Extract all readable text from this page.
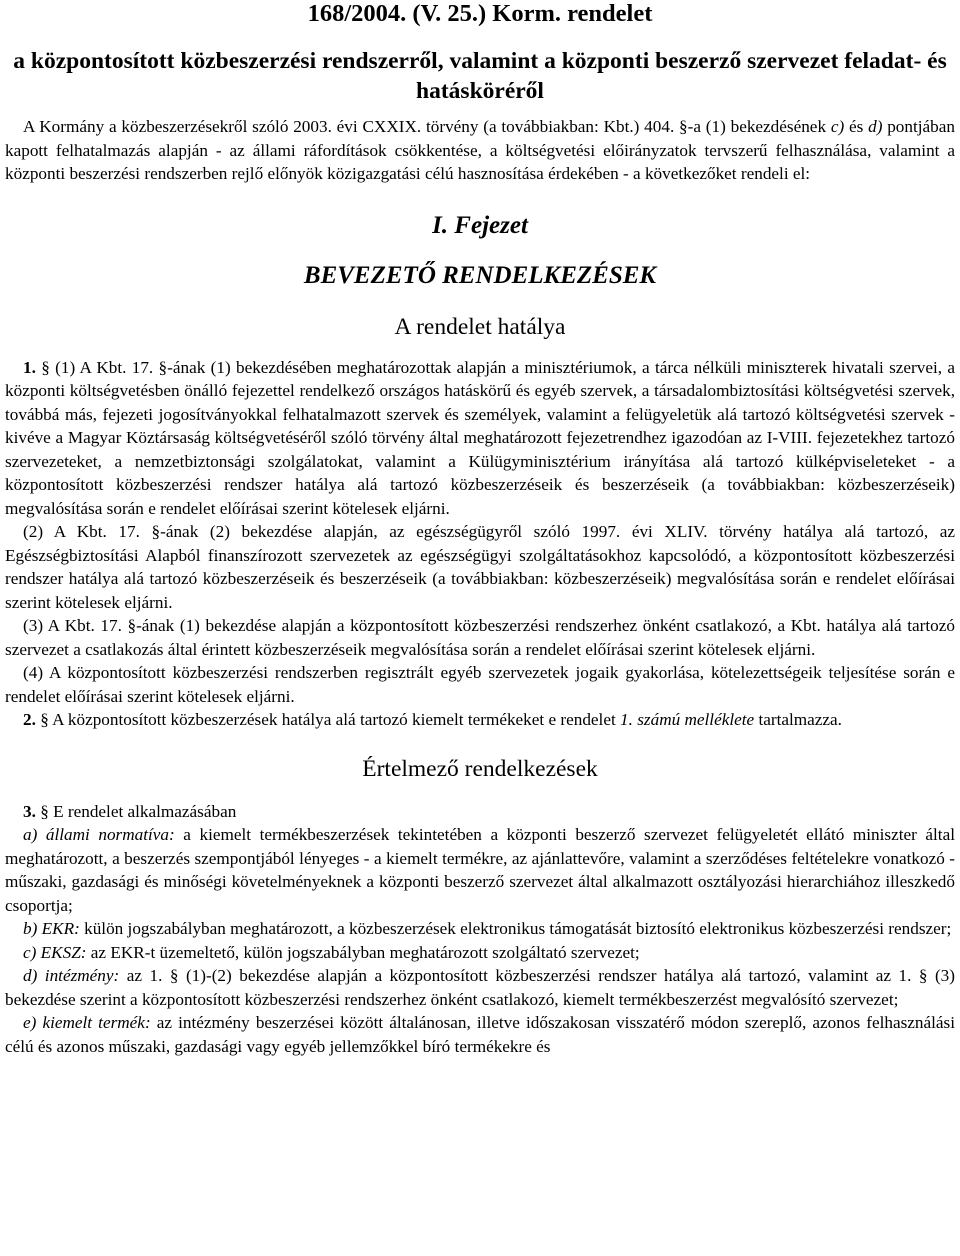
168/2004. (V. 25.) Korm. rendelet
a központosított közbeszerzési rendszerről, valamint a központi beszerző szervezet feladat- és hatásköréről

A Kormány a közbeszerzésekről szóló 2003. évi CXXIX. törvény (a továbbiakban: Kbt.) 404. §-a (1) bekezdésének c) és d) pontjában kapott felhatalmazás alapján - az állami ráfordítások csökkentése, a költségvetési előirányzatok tervszerű felhasználása, valamint a központi beszerzési rendszerben rejlő előnyök közigazgatási célú hasznosítása érdekében - a következőket rendeli el:

I. Fejezet
BEVEZETŐ RENDELKEZÉSEK
A rendelet hatálya

1. § (1) A Kbt. 17. §-ának (1) bekezdésében meghatározottak alapján a minisztériumok, a tárca nélküli miniszterek hivatali szervei, a központi költségvetésben önálló fejezettel rendelkező országos hatáskörű és egyéb szervek, a társadalombiztosítási költségvetési szervek, továbbá más, fejezeti jogosítványokkal felhatalmazott szervek és személyek, valamint a felügyeletük alá tartozó költségvetési szervek - kivéve a Magyar Köztársaság költségvetéséről szóló törvény által meghatározott fejezetrendhez igazodóan az I-VIII. fejezetekhez tartozó szervezeteket, a nemzetbiztonsági szolgálatokat, valamint a Külügyminisztérium irányítása alá tartozó külképviseleteket - a központosított közbeszerzési rendszer hatálya alá tartozó közbeszerzéseik és beszerzéseik (a továbbiakban: közbeszerzéseik) megvalósítása során e rendelet előírásai szerint kötelesek eljárni.

(2) A Kbt. 17. §-ának (2) bekezdése alapján, az egészségügyről szóló 1997. évi XLIV. törvény hatálya alá tartozó, az Egészségbiztosítási Alapból finanszírozott szervezetek az egészségügyi szolgáltatásokhoz kapcsolódó, a központosított közbeszerzési rendszer hatálya alá tartozó közbeszerzéseik és beszerzéseik (a továbbiakban: közbeszerzéseik) megvalósítása során e rendelet előírásai szerint kötelesek eljárni.

(3) A Kbt. 17. §-ának (1) bekezdése alapján a központosított közbeszerzési rendszerhez önként csatlakozó, a Kbt. hatálya alá tartozó szervezet a csatlakozás által érintett közbeszerzéseik megvalósítása során a rendelet előírásai szerint kötelesek eljárni.

(4) A központosított közbeszerzési rendszerben regisztrált egyéb szervezetek jogaik gyakorlása, kötelezettségeik teljesítése során e rendelet előírásai szerint kötelesek eljárni.

2. § A központosított közbeszerzések hatálya alá tartozó kiemelt termékeket e rendelet 1. számú melléklete tartalmazza.

Értelmező rendelkezések

3. § E rendelet alkalmazásában

a) állami normatíva: a kiemelt termékbeszerzések tekintetében a központi beszerző szervezet felügyeletét ellátó miniszter által meghatározott, a beszerzés szempontjából lényeges - a kiemelt termékre, az ajánlattevőre, valamint a szerződéses feltételekre vonatkozó - műszaki, gazdasági és minőségi követelményeknek a központi beszerző szervezet által alkalmazott osztályozási hierarchiához illeszkedő csoportja;

b) EKR: külön jogszabályban meghatározott, a közbeszerzések elektronikus támogatását biztosító elektronikus közbeszerzési rendszer;

c) EKSZ: az EKR-t üzemeltető, külön jogszabályban meghatározott szolgáltató szervezet;

d) intézmény: az 1. § (1)-(2) bekezdése alapján a központosított közbeszerzési rendszer hatálya alá tartozó, valamint az 1. § (3) bekezdése szerint a központosított közbeszerzési rendszerhez önként csatlakozó, kiemelt termékbeszerzést megvalósító szervezet;

e) kiemelt termék: az intézmény beszerzései között általánosan, illetve időszakosan visszatérő módon szereplő, azonos felhasználási célú és azonos műszaki, gazdasági vagy egyéb jellemzőkkel bíró termékekre és
